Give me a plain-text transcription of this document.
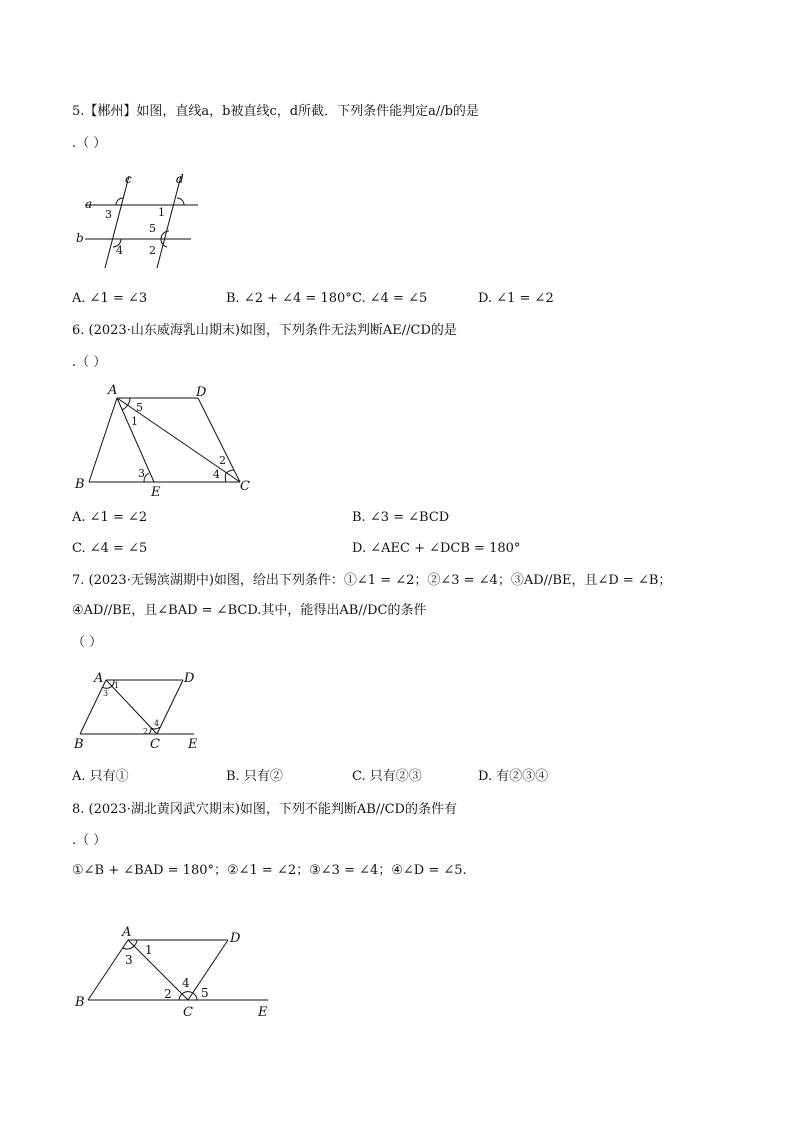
5.【郴州】如图，直线a，b被直线c，d所截．下列条件能判定a//b的是
.（ ）
c	d
a
b
3	1
5
2
4
A. ∠1 = ∠3	B. ∠2 + ∠4 = 180° C. ∠4 = ∠5	D. ∠1 = ∠2
6. (2023·山东威海乳山期末)如图，下列条件无法判断AE//CD的是
.（ ）
A	D
B
E	C
5
1
3
2
4
A. ∠1 = ∠2	B. ∠3 = ∠BCD
C. ∠4 = ∠5	D. ∠AEC + ∠DCB = 180°
7. (2023·无锡滨湖期中)如图，给出下列条件：①∠1 = ∠2；②∠3 = ∠4；③AD//BE，且∠D = ∠B；
④AD//BE，且∠BAD = ∠BCD.其中，能得出AB//DC的条件
（ ）
A	D
B	C E
1
3
2
4
A. 只有①	B. 只有②	C. 只有②③	D. 有②③④
8. (2023·湖北黄冈武穴期末)如图，下列不能判断AB//CD的条件有
.（ ）
①∠B + ∠BAD = 180°；②∠1 = ∠2；③∠3 = ∠4；④∠D = ∠5.
A	D
B
C	E
1
3
2
4
5
